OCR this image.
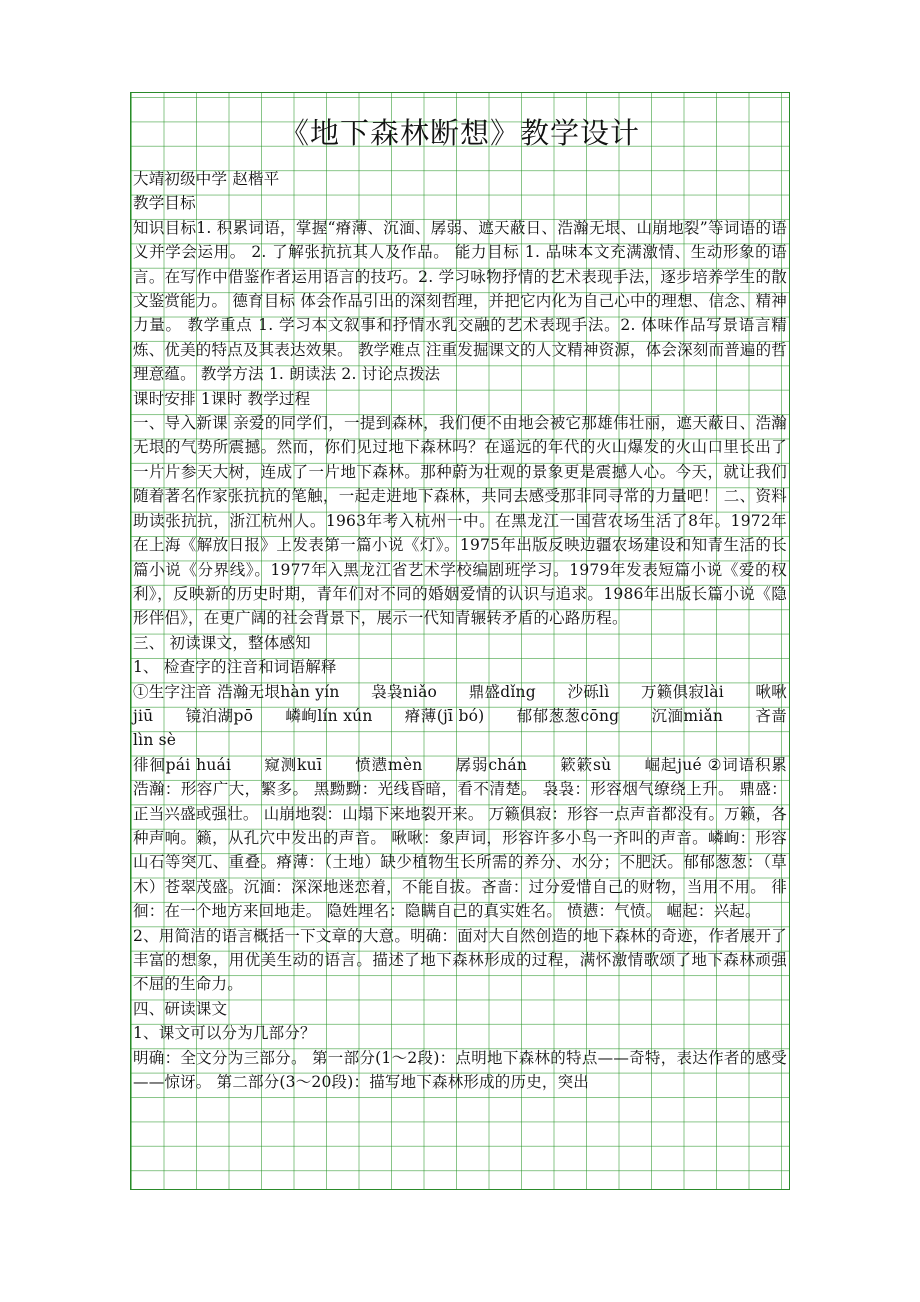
《地下森林断想》教学设计

大靖初级中学 赵楷平

教学目标

知识目标1. 积累词语，掌握“瘠薄、沉湎、孱弱、遮天蔽日、浩瀚无垠、山崩地裂”等词语的语义并学会运用。 2. 了解张抗抗其人及作品。 能力目标 1. 品味本文充满激情、生动形象的语言。在写作中借鉴作者运用语言的技巧。2. 学习咏物抒情的艺术表现手法，逐步培养学生的散文鉴赏能力。 德育目标 体会作品引出的深刻哲理，并把它内化为自己心中的理想、信念、精神力量。 教学重点 1. 学习本文叙事和抒情水乳交融的艺术表现手法。2. 体味作品写景语言精炼、优美的特点及其表达效果。 教学难点 注重发掘课文的人文精神资源，体会深刻而普遍的哲理意蕴。 教学方法 1. 朗读法 2. 讨论点拨法

课时安排 1课时 教学过程

一、导入新课 亲爱的同学们，一提到森林，我们便不由地会被它那雄伟壮丽，遮天蔽日、浩瀚无垠的气势所震撼。然而，你们见过地下森林吗？在遥远的年代的火山爆发的火山口里长出了一片片参天大树，连成了一片地下森林。那种蔚为壮观的景象更是震撼人心。今天，就让我们随着著名作家张抗抗的笔触，一起走进地下森林，共同去感受那非同寻常的力量吧！ 二、资料助读张抗抗，浙江杭州人。1963年考入杭州一中。在黑龙江一国营农场生活了8年。1972年在上海《解放日报》上发表第一篇小说《灯》。1975年出版反映边疆农场建设和知青生活的长篇小说《分界线》。1977年入黑龙江省艺术学校编剧班学习。1979年发表短篇小说《爱的权利》，反映新的历史时期，青年们对不同的婚姻爱情的认识与追求。1986年出版长篇小说《隐形伴侣》，在更广阔的社会背景下，展示一代知青辗转矛盾的心路历程。

三、 初读课文，整体感知

1、 检查字的注音和词语解释

①生字注音 浩瀚无垠hàn yín　　袅袅niǎo　　鼎盛dǐng　　沙砾lì　　万籁俱寂lài　　啾啾jiū　　镜泊湖pō　　嶙峋lín xún　　瘠薄(jī bó)　　郁郁葱葱cōng　　沉湎miǎn　　吝啬lìn sè

徘徊pái huái　　窥测kuī　　愤懑mèn　　孱弱chán　　簌簌sù　　崛起jué ②词语积累 浩瀚：形容广大，繁多。 黑黝黝：光线昏暗，看不清楚。 袅袅：形容烟气缭绕上升。 鼎盛：正当兴盛或强壮。 山崩地裂：山塌下来地裂开来。 万籁俱寂：形容一点声音都没有。万籁，各种声响。籁，从孔穴中发出的声音。 啾啾：象声词，形容许多小鸟一齐叫的声音。嶙峋：形容山石等突兀、重叠。瘠薄：（土地）缺少植物生长所需的养分、水分；不肥沃。郁郁葱葱：（草木）苍翠茂盛。沉湎：深深地迷恋着，不能自拔。吝啬：过分爱惜自己的财物，当用不用。 徘徊：在一个地方来回地走。 隐姓埋名：隐瞒自己的真实姓名。 愤懑：气愤。 崛起：兴起。

2、用简洁的语言概括一下文章的大意。明确：面对大自然创造的地下森林的奇迹，作者展开了丰富的想象，用优美生动的语言。描述了地下森林形成的过程，满怀激情歌颂了地下森林顽强不屈的生命力。

四、研读课文

1、课文可以分为几部分？

明确：全文分为三部分。 第一部分(1～2段)：点明地下森林的特点——奇特，表达作者的感受——惊讶。 第二部分(3～20段)：描写地下森林形成的历史，突出
